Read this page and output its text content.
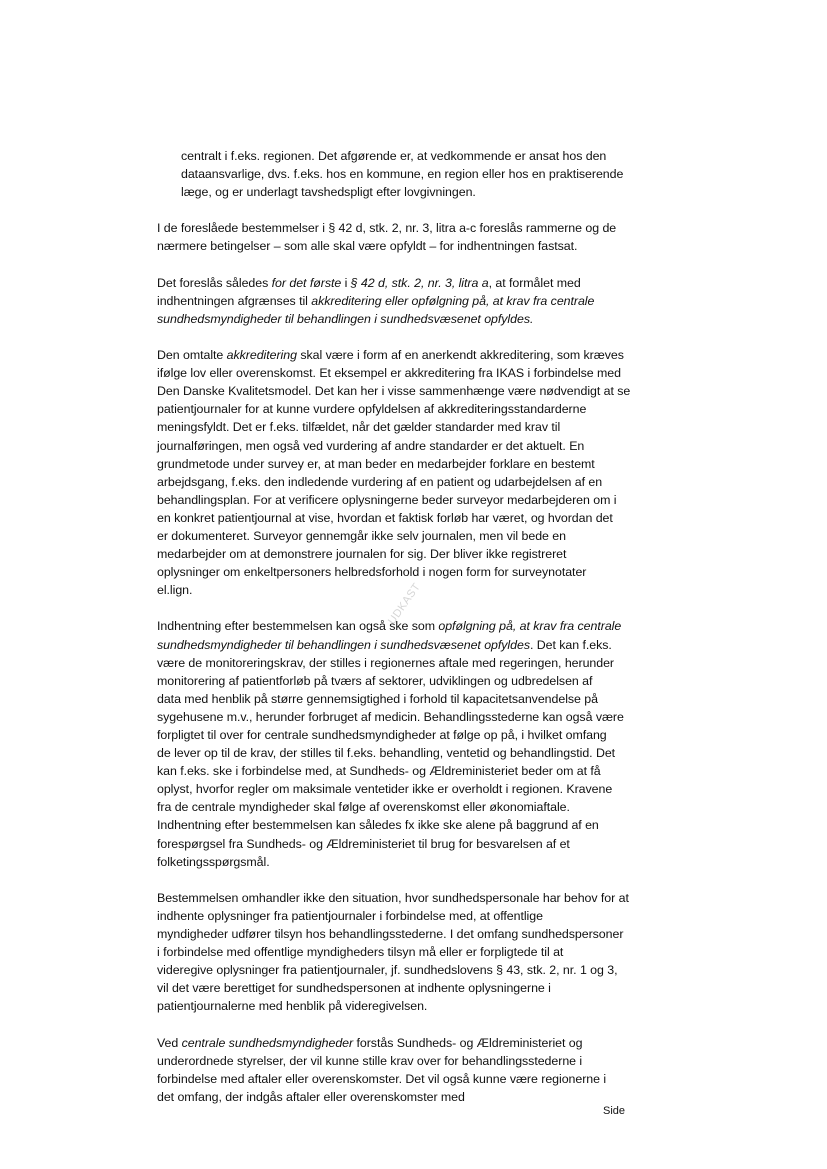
UDKAST

centralt i f.eks. regionen. Det afgørende er, at vedkommende er ansat hos den
dataansvarlige, dvs. f.eks. hos en kommune, en region eller hos en praktiserende
læge, og er underlagt tavshedspligt efter lovgivningen.

I de foreslåede bestemmelser i § 42 d, stk. 2, nr. 3, litra a-c foreslås rammerne og de
nærmere betingelser – som alle skal være opfyldt – for indhentningen fastsat.

Det foreslås således for det første i § 42 d, stk. 2, nr. 3, litra a, at formålet med
indhentningen afgrænses til akkreditering eller opfølgning på, at krav fra centrale
sundhedsmyndigheder til behandlingen i sundhedsvæsenet opfyldes.

Den omtalte akkreditering skal være i form af en anerkendt akkreditering, som kræves
ifølge lov eller overenskomst. Et eksempel er akkreditering fra IKAS i forbindelse med
Den Danske Kvalitetsmodel. Det kan her i visse sammenhænge være nødvendigt at se
patientjournaler for at kunne vurdere opfyldelsen af akkrediteringsstandarderne
meningsfyldt. Det er f.eks. tilfældet, når det gælder standarder med krav til
journalføringen, men også ved vurdering af andre standarder er det aktuelt. En
grundmetode under survey er, at man beder en medarbejder forklare en bestemt
arbejdsgang, f.eks. den indledende vurdering af en patient og udarbejdelsen af en
behandlingsplan. For at verificere oplysningerne beder surveyor medarbejderen om i
en konkret patientjournal at vise, hvordan et faktisk forløb har været, og hvordan det
er dokumenteret. Surveyor gennemgår ikke selv journalen, men vil bede en
medarbejder om at demonstrere journalen for sig. Der bliver ikke registreret
oplysninger om enkeltpersoners helbredsforhold i nogen form for surveynotater
el.lign.

Indhentning efter bestemmelsen kan også ske som opfølgning på, at krav fra centrale
sundhedsmyndigheder til behandlingen i sundhedsvæsenet opfyldes. Det kan f.eks.
være de monitoreringskrav, der stilles i regionernes aftale med regeringen, herunder
monitorering af patientforløb på tværs af sektorer, udviklingen og udbredelsen af
data med henblik på større gennemsigtighed i forhold til kapacitetsanvendelse på
sygehusene m.v., herunder forbruget af medicin. Behandlingsstederne kan også være
forpligtet til over for centrale sundhedsmyndigheder at følge op på, i hvilket omfang
de lever op til de krav, der stilles til f.eks. behandling, ventetid og behandlingstid. Det
kan f.eks. ske i forbindelse med, at Sundheds- og Ældreministeriet beder om at få
oplyst, hvorfor regler om maksimale ventetider ikke er overholdt i regionen. Kravene
fra de centrale myndigheder skal følge af overenskomst eller økonomiaftale.
Indhentning efter bestemmelsen kan således fx ikke ske alene på baggrund af en
forespørgsel fra Sundheds- og Ældreministeriet til brug for besvarelsen af et
folketingsspørgsmål.

Bestemmelsen omhandler ikke den situation, hvor sundhedspersonale har behov for at
indhente oplysninger fra patientjournaler i forbindelse med, at offentlige
myndigheder udfører tilsyn hos behandlingsstederne. I det omfang sundhedspersoner
i forbindelse med offentlige myndigheders tilsyn må eller er forpligtede til at
videregive oplysninger fra patientjournaler, jf. sundhedslovens § 43, stk. 2, nr. 1 og 3,
vil det være berettiget for sundhedspersonen at indhente oplysningerne i
patientjournalerne med henblik på videregivelsen.

Ved centrale sundhedsmyndigheder forstås Sundheds- og Ældreministeriet og
underordnede styrelser, der vil kunne stille krav over for behandlingsstederne i
forbindelse med aftaler eller overenskomster. Det vil også kunne være regionerne i
det omfang, der indgås aftaler eller overenskomster med

Side
